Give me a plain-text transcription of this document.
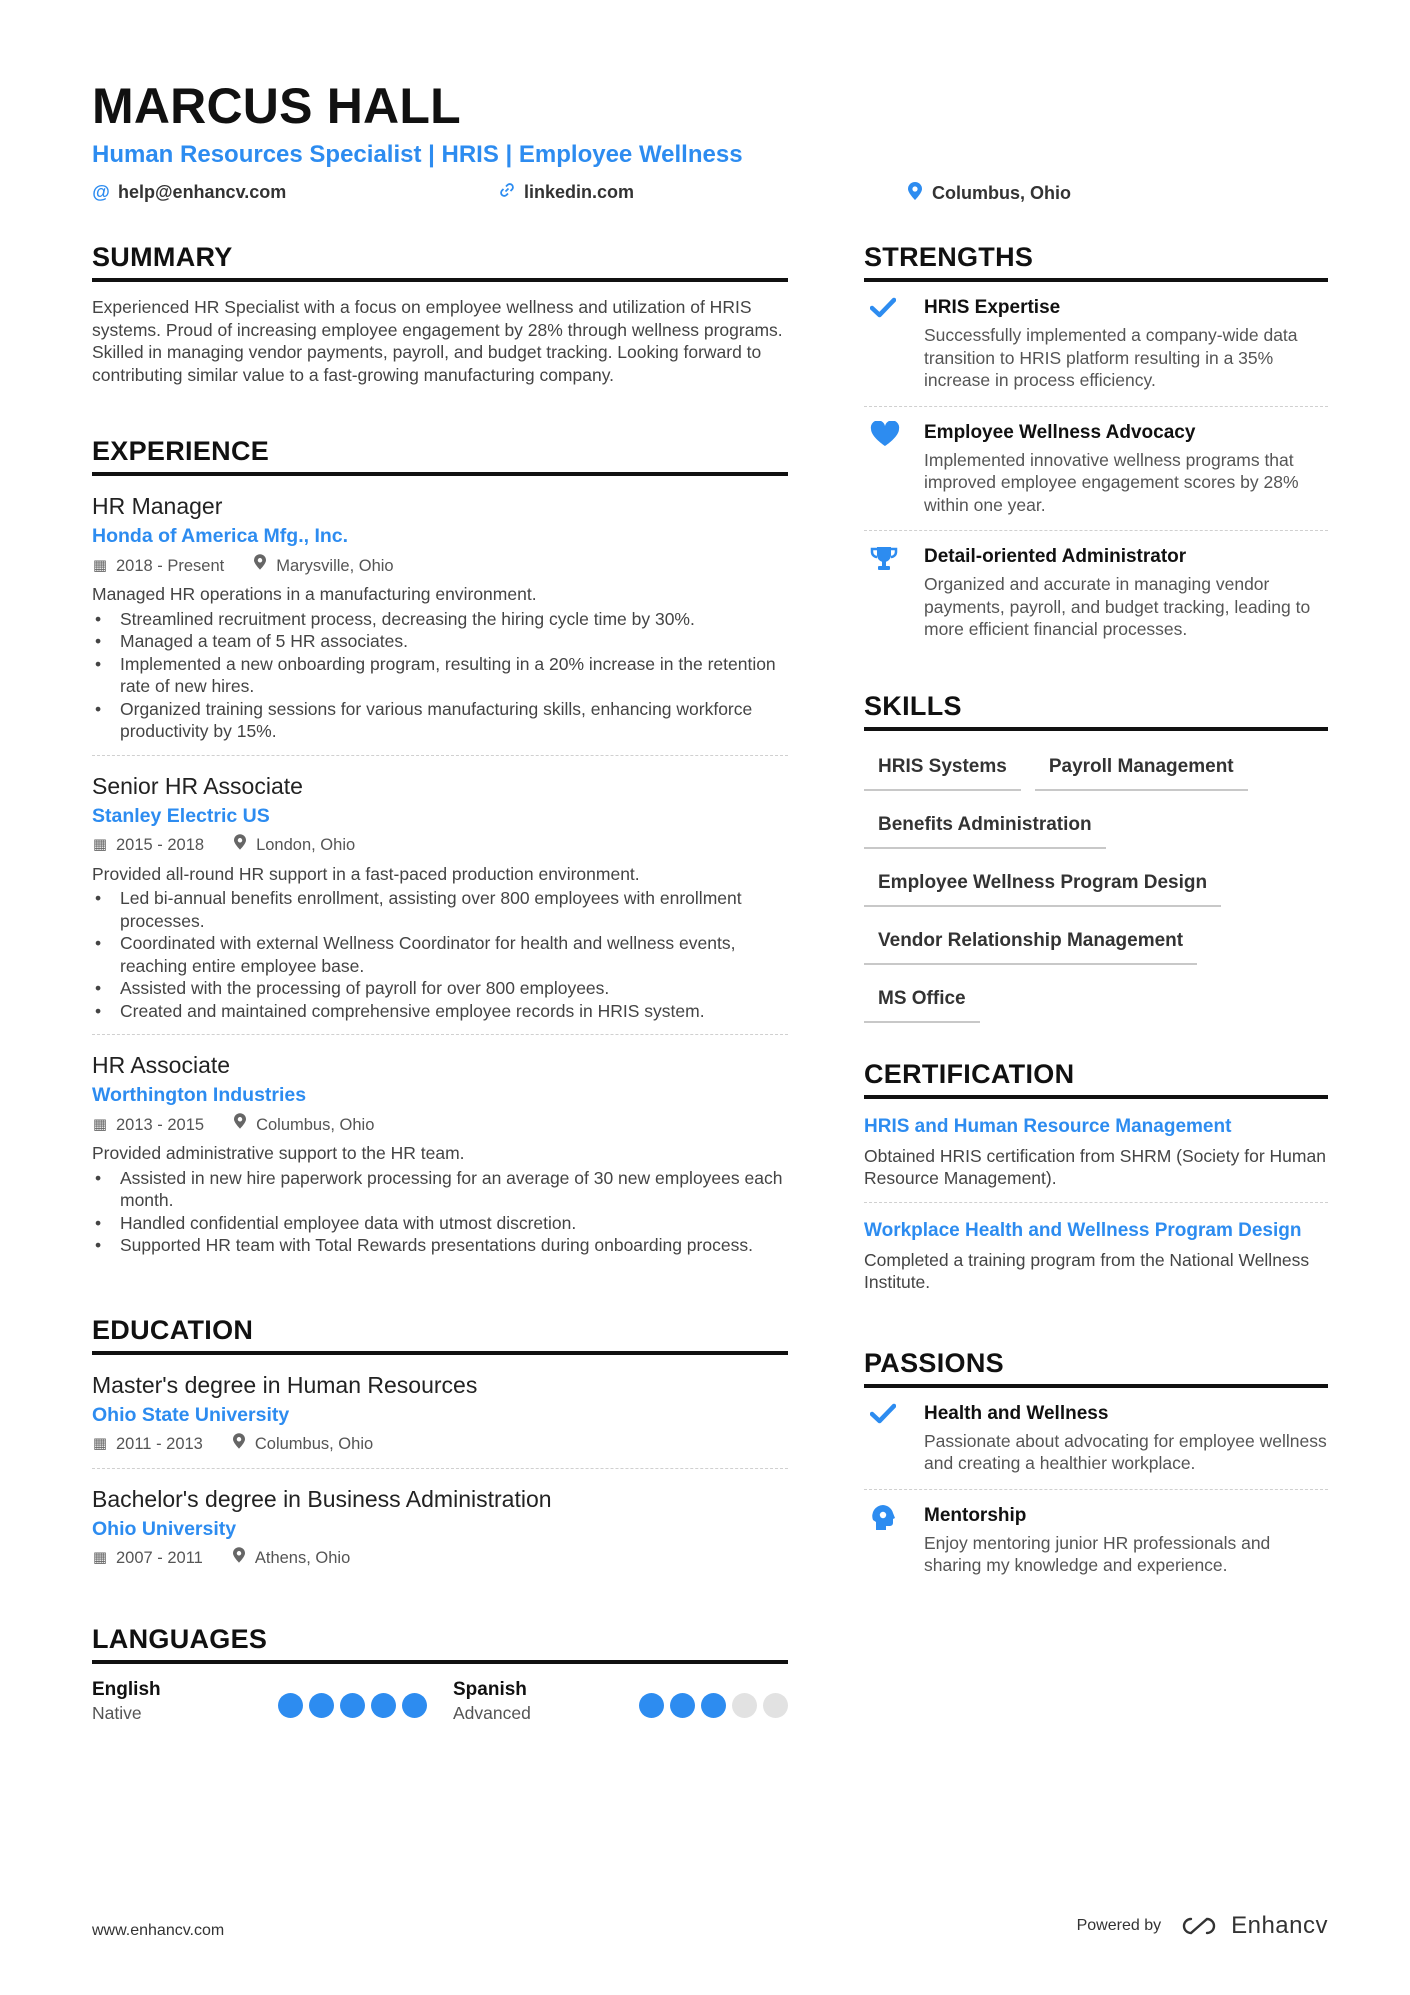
MARCUS HALL
Human Resources Specialist | HRIS | Employee Wellness
@ help@enhancv.com	linkedin.com	Columbus, Ohio
SUMMARY
Experienced HR Specialist with a focus on employee wellness and utilization of HRIS systems. Proud of increasing employee engagement by 28% through wellness programs. Skilled in managing vendor payments, payroll, and budget tracking. Looking forward to contributing similar value to a fast-growing manufacturing company.
EXPERIENCE
HR Manager
Honda of America Mfg., Inc.
▦ 2018 - Present	Marysville, Ohio
Managed HR operations in a manufacturing environment.
• Streamlined recruitment process, decreasing the hiring cycle time by 30%.
• Managed a team of 5 HR associates.
• Implemented a new onboarding program, resulting in a 20% increase in the retention rate of new hires.
• Organized training sessions for various manufacturing skills, enhancing workforce productivity by 15%.
Senior HR Associate
Stanley Electric US
▦ 2015 - 2018	London, Ohio
Provided all-round HR support in a fast-paced production environment.
• Led bi-annual benefits enrollment, assisting over 800 employees with enrollment processes.
• Coordinated with external Wellness Coordinator for health and wellness events, reaching entire employee base.
• Assisted with the processing of payroll for over 800 employees.
• Created and maintained comprehensive employee records in HRIS system.
HR Associate
Worthington Industries
▦ 2013 - 2015	Columbus, Ohio
Provided administrative support to the HR team.
• Assisted in new hire paperwork processing for an average of 30 new employees each month.
• Handled confidential employee data with utmost discretion.
• Supported HR team with Total Rewards presentations during onboarding process.
EDUCATION
Master's degree in Human Resources
Ohio State University
▦ 2011 - 2013	Columbus, Ohio
Bachelor's degree in Business Administration
Ohio University
▦ 2007 - 2011	Athens, Ohio
LANGUAGES
English
Native
Spanish
Advanced
STRENGTHS
HRIS Expertise
Successfully implemented a company-wide data transition to HRIS platform resulting in a 35% increase in process efficiency.
Employee Wellness Advocacy
Implemented innovative wellness programs that improved employee engagement scores by 28% within one year.
Detail-oriented Administrator
Organized and accurate in managing vendor payments, payroll, and budget tracking, leading to more efficient financial processes.
SKILLS
HRIS Systems	Payroll Management
Benefits Administration
Employee Wellness Program Design
Vendor Relationship Management
MS Office
CERTIFICATION
HRIS and Human Resource Management
Obtained HRIS certification from SHRM (Society for Human Resource Management).
Workplace Health and Wellness Program Design
Completed a training program from the National Wellness Institute.
PASSIONS
Health and Wellness
Passionate about advocating for employee wellness and creating a healthier workplace.
Mentorship
Enjoy mentoring junior HR professionals and sharing my knowledge and experience.
www.enhancv.com	Powered by	Enhancv
